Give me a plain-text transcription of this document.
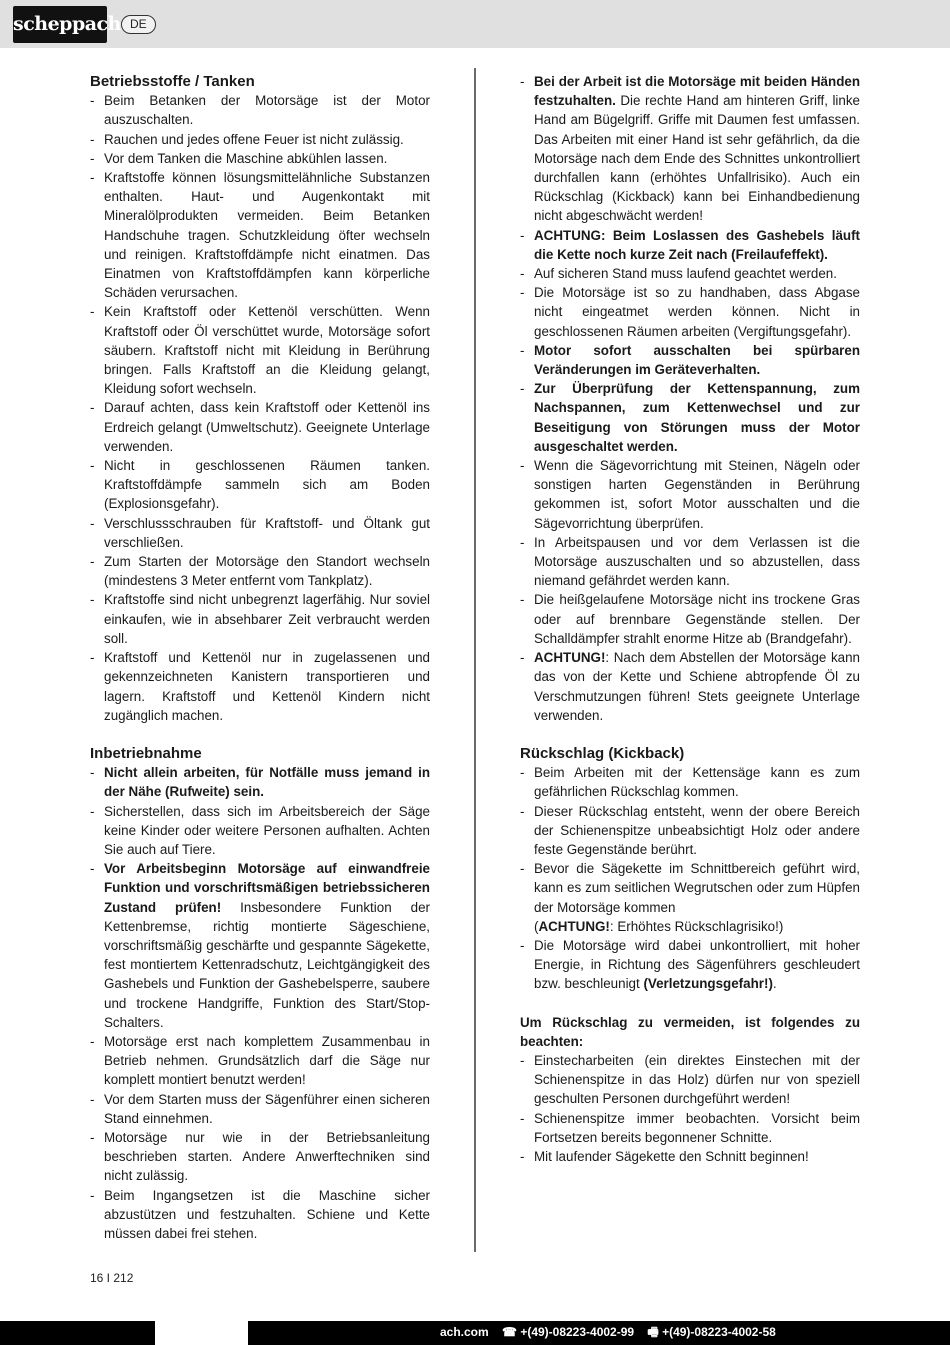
scheppach DE
Betriebsstoffe / Tanken
- Beim Betanken der Motorsäge ist der Motor auszuschalten.
- Rauchen und jedes offene Feuer ist nicht zulässig.
- Vor dem Tanken die Maschine abkühlen lassen.
- Kraftstoffe können lösungsmittelähnliche Substanzen enthalten. Haut- und Augenkontakt mit Mineralölprodukten vermeiden. Beim Betanken Handschuhe tragen. Schutzkleidung öfter wechseln und reinigen. Kraftstoffdämpfe nicht einatmen. Das Einatmen von Kraftstoffdämpfen kann körperliche Schäden verursachen.
- Kein Kraftstoff oder Kettenöl verschütten. Wenn Kraftstoff oder Öl verschüttet wurde, Motorsäge sofort säubern. Kraftstoff nicht mit Kleidung in Berührung bringen. Falls Kraftstoff an die Kleidung gelangt, Kleidung sofort wechseln.
- Darauf achten, dass kein Kraftstoff oder Kettenöl ins Erdreich gelangt (Umweltschutz). Geeignete Unterlage verwenden.
- Nicht in geschlossenen Räumen tanken. Kraftstoffdämpfe sammeln sich am Boden (Explosionsgefahr).
- Verschlussschrauben für Kraftstoff- und Öltank gut verschließen.
- Zum Starten der Motorsäge den Standort wechseln (mindestens 3 Meter entfernt vom Tankplatz).
- Kraftstoffe sind nicht unbegrenzt lagerfähig. Nur soviel einkaufen, wie in absehbarer Zeit verbraucht werden soll.
- Kraftstoff und Kettenöl nur in zugelassenen und gekennzeichneten Kanistern transportieren und lagern. Kraftstoff und Kettenöl Kindern nicht zugänglich machen.
Inbetriebnahme
- Nicht allein arbeiten, für Notfälle muss jemand in der Nähe (Rufweite) sein.
- Sicherstellen, dass sich im Arbeitsbereich der Säge keine Kinder oder weitere Personen aufhalten. Achten Sie auch auf Tiere.
- Vor Arbeitsbeginn Motorsäge auf einwandfreie Funktion und vorschriftsmäßigen betriebssicheren Zustand prüfen! Insbesondere Funktion der Kettenbremse, richtig montierte Sägeschiene, vorschriftsmäßig geschärfte und gespannte Sägekette, fest montiertem Kettenradschutz, Leichtgängigkeit des Gashebels und Funktion der Gashebelsperre, saubere und trockene Handgriffe, Funktion des Start/Stop-Schalters.
- Motorsäge erst nach komplettem Zusammenbau in Betrieb nehmen. Grundsätzlich darf die Säge nur komplett montiert benutzt werden!
- Vor dem Starten muss der Sägenführer einen sicheren Stand einnehmen.
- Motorsäge nur wie in der Betriebsanleitung beschrieben starten. Andere Anwerftechniken sind nicht zulässig.
- Beim Ingangsetzen ist die Maschine sicher abzustützen und festzuhalten. Schiene und Kette müssen dabei frei stehen.
- Bei der Arbeit ist die Motorsäge mit beiden Händen festzuhalten. Die rechte Hand am hinteren Griff, linke Hand am Bügelgriff. Griffe mit Daumen fest umfassen. Das Arbeiten mit einer Hand ist sehr gefährlich, da die Motorsäge nach dem Ende des Schnittes unkontrolliert durchfallen kann (erhöhtes Unfallrisiko). Auch ein Rückschlag (Kickback) kann bei Einhandbedienung nicht abgeschwächt werden!
- ACHTUNG: Beim Loslassen des Gashebels läuft die Kette noch kurze Zeit nach (Freilaufeffekt).
- Auf sicheren Stand muss laufend geachtet werden.
- Die Motorsäge ist so zu handhaben, dass Abgase nicht eingeatmet werden können. Nicht in geschlossenen Räumen arbeiten (Vergiftungsgefahr).
- Motor sofort ausschalten bei spürbaren Veränderungen im Geräteverhalten.
- Zur Überprüfung der Kettenspannung, zum Nachspannen, zum Kettenwechsel und zur Beseitigung von Störungen muss der Motor ausgeschaltet werden.
- Wenn die Sägevorrichtung mit Steinen, Nägeln oder sonstigen harten Gegenständen in Berührung gekommen ist, sofort Motor ausschalten und die Sägevorrichtung überprüfen.
- In Arbeitspausen und vor dem Verlassen ist die Motorsäge auszuschalten und so abzustellen, dass niemand gefährdet werden kann.
- Die heißgelaufene Motorsäge nicht ins trockene Gras oder auf brennbare Gegenstände stellen. Der Schalldämpfer strahlt enorme Hitze ab (Brandgefahr).
- ACHTUNG!: Nach dem Abstellen der Motorsäge kann das von der Kette und Schiene abtropfende Öl zu Verschmutzungen führen! Stets geeignete Unterlage verwenden.
Rückschlag (Kickback)
- Beim Arbeiten mit der Kettensäge kann es zum gefährlichen Rückschlag kommen.
- Dieser Rückschlag entsteht, wenn der obere Bereich der Schienenspitze unbeabsichtigt Holz oder andere feste Gegenstände berührt.
- Bevor die Sägekette im Schnittbereich geführt wird, kann es zum seitlichen Wegrutschen oder zum Hüpfen der Motorsäge kommen
(ACHTUNG!: Erhöhtes Rückschlagrisiko!)
- Die Motorsäge wird dabei unkontrolliert, mit hoher Energie, in Richtung des Sägenführers geschleudert bzw. beschleunigt (Verletzungsgefahr!).

Um Rückschlag zu vermeiden, ist folgendes zu beachten:

- Einstecharbeiten (ein direktes Einstechen mit der Schienenspitze in das Holz) dürfen nur von speziell geschulten Personen durchgeführt werden!
- Schienenspitze immer beobachten. Vorsicht beim Fortsetzen bereits begonnener Schnitte.
- Mit laufender Sägekette den Schnitt beginnen!
16 I 212
ach.com ☎ +(49)-08223-4002-99 🖷 +(49)-08223-4002-58
